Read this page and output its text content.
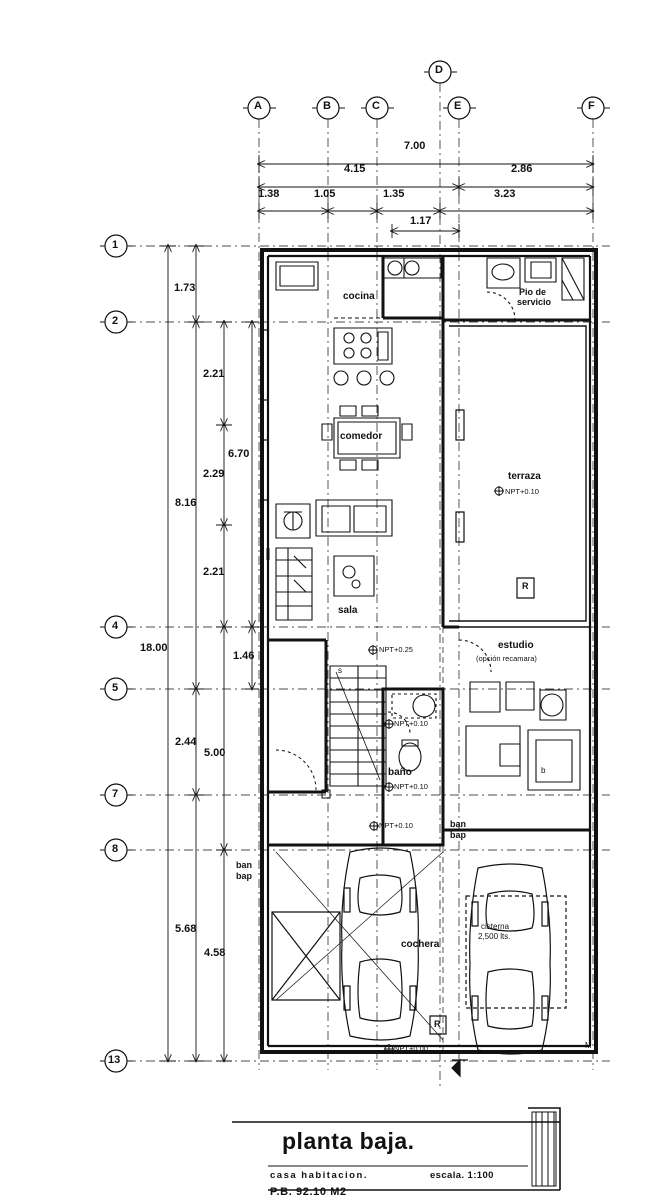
A	B	C
D
E	F
1
2
4
5
7
8
13
7.00
4.15	2.86
1.38	1.05	1.35	3.23
1.17
1.73
2.21
2.29
2.21
6.70
8.16
1.46
2.44
5.00
18.00
5.68
4.58
cocina
comedor
sala
terraza
estudio
(opción recamara)
baño
cochera
Pio de
servicio
NPT+0.10
NPT+0.25
NPT+0.10
NPT+0.10
NPT+0.10
NPT+0.00
cisterna
2,500 lts.
ban
bap
ban
bap
R
R
s
M
b
planta baja.
casa habitacion.	escala. 1:100
P.B. 92.10 M2
